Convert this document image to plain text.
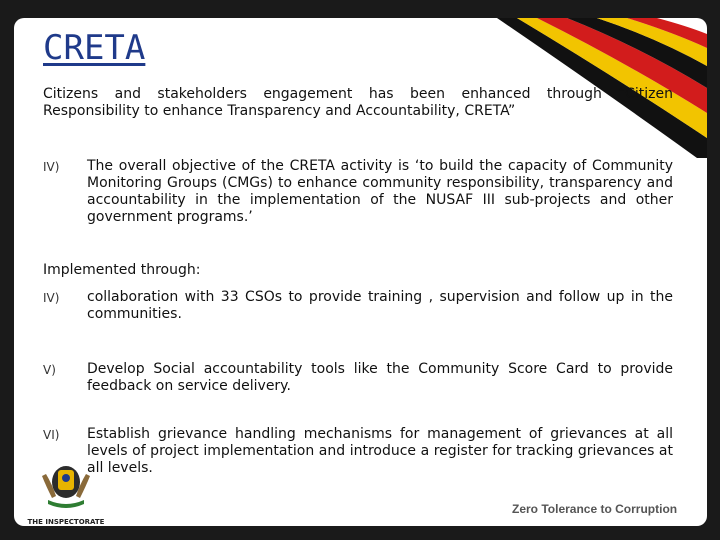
CRETA

Citizens and stakeholders engagement has been enhanced through “Citizen Responsibility to enhance Transparency and Accountability, CRETA”

IV) The overall objective of the CRETA activity is ‘to build the capacity of Community Monitoring Groups (CMGs) to enhance community responsibility, transparency and accountability in the implementation of the NUSAF III sub-projects and other government programs.’
Implemented through:
IV) collaboration with 33 CSOs to provide training , supervision and follow up in the communities.
V) Develop Social accountability tools like the Community Score Card to provide feedback on service delivery.
VI) Establish grievance handling mechanisms for management of grievances at all levels of project implementation and introduce a register for tracking grievances at all levels.
THE INSPECTORATE
OF GOVERNMENT
Zero Tolerance to Corruption
